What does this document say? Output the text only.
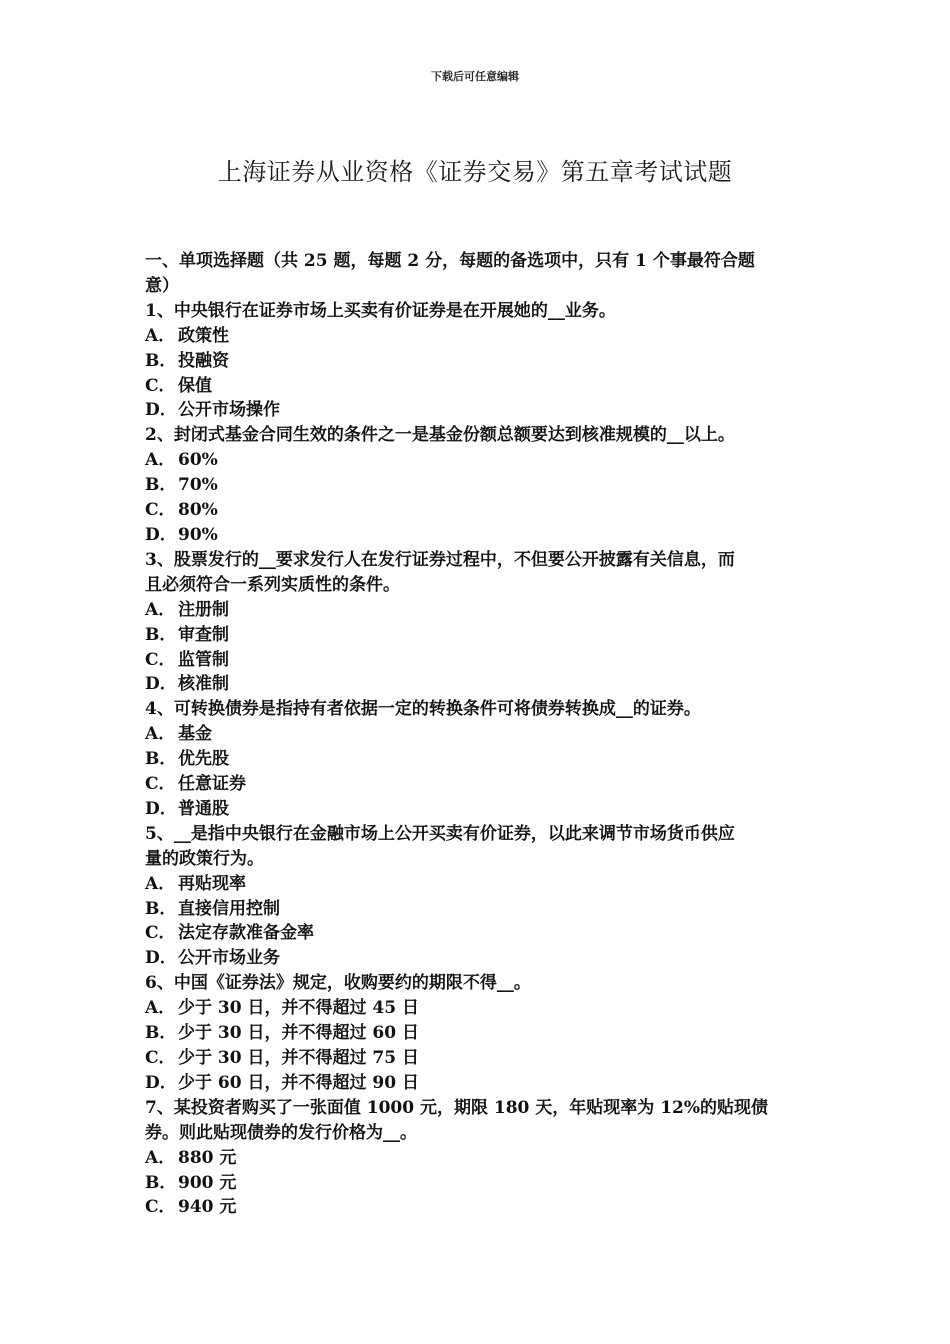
下载后可任意编辑
上海证券从业资格《证券交易》第五章考试试题
一、单项选择题（共 25 题，每题 2 分，每题的备选项中，只有 1 个事最符合题
意）
1、中央银行在证券市场上买卖有价证券是在开展她的__业务。
A． 政策性
B．投融资
C． 保值
D．公开市场操作
2、封闭式基金合同生效的条件之一是基金份额总额要达到核准规模的__以上。
A． 60%
B．70%
C． 80%
D．90%
3、股票发行的__要求发行人在发行证券过程中，不但要公开披露有关信息，而
且必须符合一系列实质性的条件。
A． 注册制
B．审查制
C． 监管制
D．核准制
4、可转换债券是指持有者依据一定的转换条件可将债券转换成__的证券。
A． 基金
B．优先股
C． 任意证券
D．普通股
5、__是指中央银行在金融市场上公开买卖有价证券，以此来调节市场货币供应
量的政策行为。
A． 再贴现率
B．直接信用控制
C． 法定存款准备金率
D．公开市场业务
6、中国《证券法》规定，收购要约的期限不得__。
A． 少于 30 日，并不得超过 45 日
B．少于 30 日，并不得超过 60 日
C． 少于 30 日，并不得超过 75 日
D．少于 60 日，并不得超过 90 日
7、某投资者购买了一张面值 1000 元，期限 180 天，年贴现率为 12%的贴现债
券。则此贴现债券的发行价格为__。
A． 880 元
B．900 元
C． 940 元
